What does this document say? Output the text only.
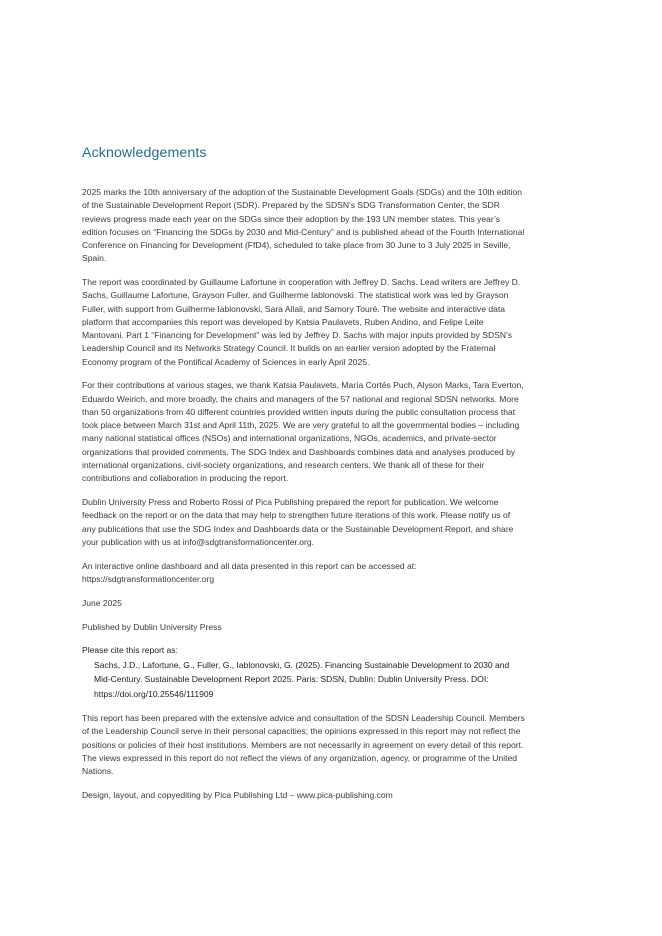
Acknowledgements

2025 marks the 10th anniversary of the adoption of the Sustainable Development Goals (SDGs) and the 10th edition of the Sustainable Development Report (SDR). Prepared by the SDSN’s SDG Transformation Center, the SDR reviews progress made each year on the SDGs since their adoption by the 193 UN member states. This year’s edition focuses on “Financing the SDGs by 2030 and Mid-Century” and is published ahead of the Fourth International Conference on Financing for Development (FfD4), scheduled to take place from 30 June to 3 July 2025 in Seville, Spain.

The report was coordinated by Guillaume Lafortune in cooperation with Jeffrey D. Sachs. Lead writers are Jeffrey D. Sachs, Guillaume Lafortune, Grayson Fuller, and Guilherme Iablonovski. The statistical work was led by Grayson Fuller, with support from Guilherme Iablonovski, Sara Allali, and Samory Touré. The website and interactive data platform that accompanies this report was developed by Katsia Paulavets, Ruben Andino, and Felipe Leite Mantovani. Part 1 “Financing for Development” was led by Jeffrey D. Sachs with major inputs provided by SDSN’s Leadership Council and its Networks Strategy Council. It builds on an earlier version adopted by the Fraternal Economy program of the Pontifical Academy of Sciences in early April 2025.

For their contributions at various stages, we thank Katsia Paulavets, María Cortés Puch, Alyson Marks, Tara Everton, Eduardo Weirich, and more broadly, the chairs and managers of the 57 national and regional SDSN networks. More than 50 organizations from 40 different countries provided written inputs during the public consultation process that took place between March 31st and April 11th, 2025. We are very grateful to all the governmental bodies – including many national statistical offices (NSOs) and international organizations, NGOs, academics, and private-sector organizations that provided comments. The SDG Index and Dashboards combines data and analyses produced by international organizations, civil-society organizations, and research centers. We thank all of these for their contributions and collaboration in producing the report.

Dublin University Press and Roberto Rossi of Pica Publishing prepared the report for publication. We welcome feedback on the report or on the data that may help to strengthen future iterations of this work. Please notify us of any publications that use the SDG Index and Dashboards data or the Sustainable Development Report, and share your publication with us at info@sdgtransformationcenter.org.

An interactive online dashboard and all data presented in this report can be accessed at: https://sdgtransformationcenter.org

June 2025

Published by Dublin University Press

Please cite this report as:

Sachs, J.D., Lafortune, G., Fuller, G., Iablonovski, G. (2025). Financing Sustainable Development to 2030 and Mid-Century. Sustainable Development Report 2025. Paris: SDSN, Dublin: Dublin University Press. DOI: https://doi.org/10.25546/111909

This report has been prepared with the extensive advice and consultation of the SDSN Leadership Council. Members of the Leadership Council serve in their personal capacities; the opinions expressed in this report may not reflect the positions or policies of their host institutions. Members are not necessarily in agreement on every detail of this report. The views expressed in this report do not reflect the views of any organization, agency, or programme of the United Nations.

Design, layout, and copyediting by Pica Publishing Ltd – www.pica-publishing.com
